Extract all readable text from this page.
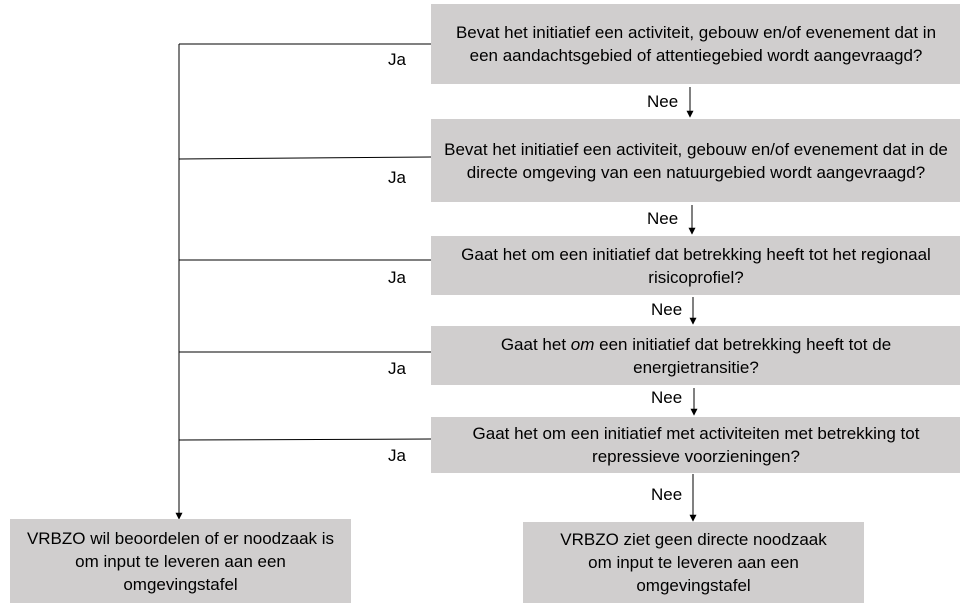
Bevat het initiatief een activiteit, gebouw en/of evenement dat in een aandachtsgebied of attentiegebied wordt aangevraagd?
Bevat het initiatief een activiteit, gebouw en/of evenement dat in de directe omgeving van een natuurgebied wordt aangevraagd?
Gaat het om een initiatief dat betrekking heeft tot het regionaal risicoprofiel?
Gaat het om een initiatief dat betrekking heeft tot de energietransitie?
Gaat het om een initiatief met activiteiten met betrekking tot repressieve voorzieningen?
VRBZO wil beoordelen of er noodzaak is om input te leveren aan een omgevingstafel
VRBZO ziet geen directe noodzaak om input te leveren aan een omgevingstafel
Ja
Ja
Ja
Ja
Ja
Nee
Nee
Nee
Nee
Nee
